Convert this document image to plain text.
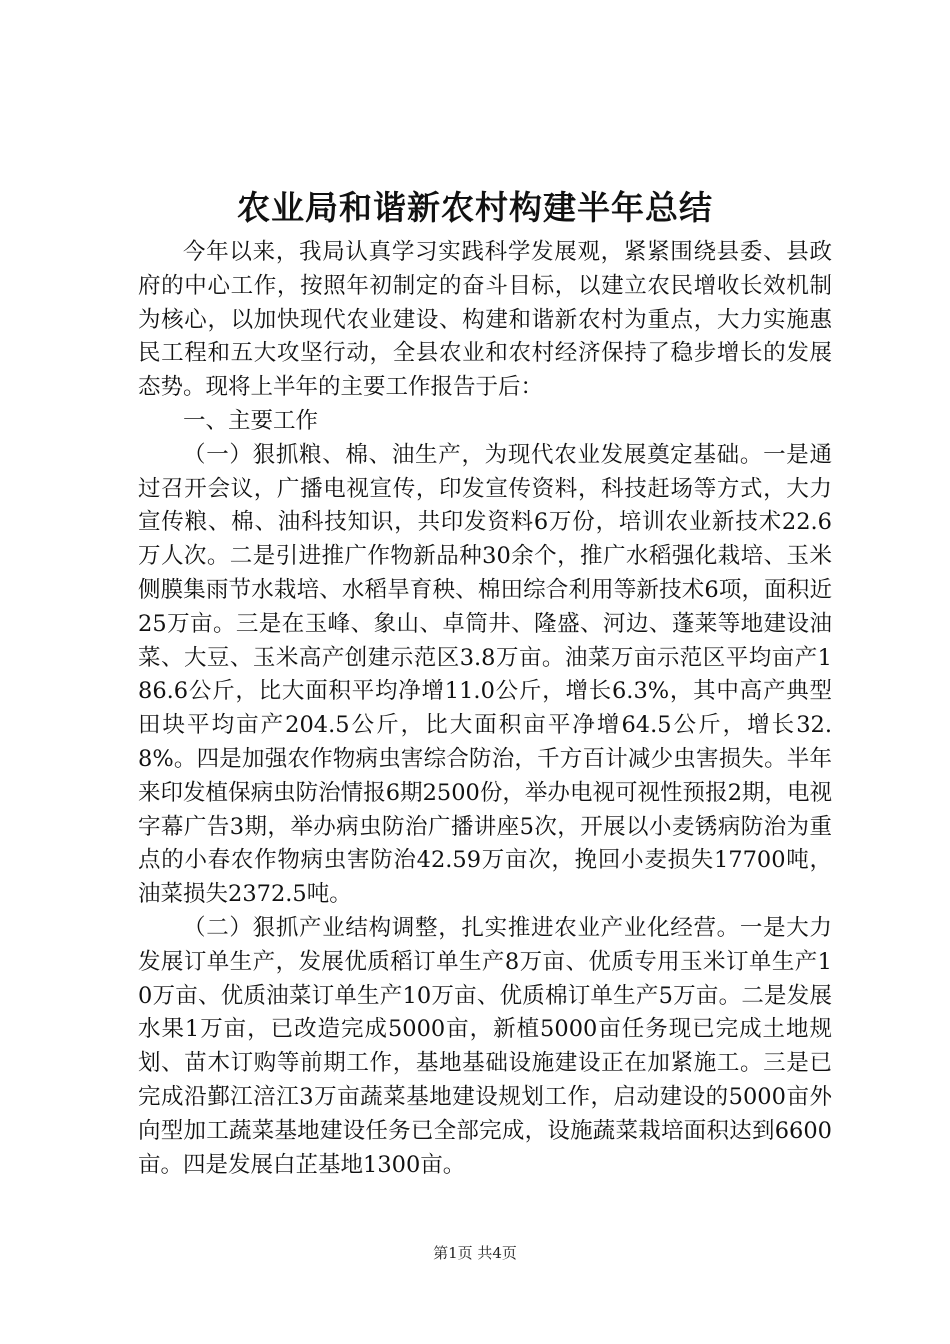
农业局和谐新农村构建半年总结

今年以来，我局认真学习实践科学发展观，紧紧围绕县委、县政府的中心工作，按照年初制定的奋斗目标，以建立农民增收长效机制为核心，以加快现代农业建设、构建和谐新农村为重点，大力实施惠民工程和五大攻坚行动，全县农业和农村经济保持了稳步增长的发展态势。现将上半年的主要工作报告于后：

一、主要工作

（一）狠抓粮、棉、油生产，为现代农业发展奠定基础。一是通过召开会议，广播电视宣传，印发宣传资料，科技赶场等方式，大力宣传粮、棉、油科技知识，共印发资料6万份，培训农业新技术22.6万人次。二是引进推广作物新品种30余个，推广水稻强化栽培、玉米侧膜集雨节水栽培、水稻旱育秧、棉田综合利用等新技术6项，面积近25万亩。三是在玉峰、象山、卓筒井、隆盛、河边、蓬莱等地建设油菜、大豆、玉米高产创建示范区3.8万亩。油菜万亩示范区平均亩产186.6公斤，比大面积平均净增11.0公斤，增长6.3%，其中高产典型田块平均亩产204.5公斤，比大面积亩平净增64.5公斤，增长32.8%。四是加强农作物病虫害综合防治，千方百计减少虫害损失。半年来印发植保病虫防治情报6期2500份，举办电视可视性预报2期，电视字幕广告3期，举办病虫防治广播讲座5次，开展以小麦锈病防治为重点的小春农作物病虫害防治42.59万亩次，挽回小麦损失17700吨，油菜损失2372.5吨。

（二）狠抓产业结构调整，扎实推进农业产业化经营。一是大力发展订单生产，发展优质稻订单生产8万亩、优质专用玉米订单生产10万亩、优质油菜订单生产10万亩、优质棉订单生产5万亩。二是发展水果1万亩，已改造完成5000亩，新植5000亩任务现已完成土地规划、苗木订购等前期工作，基地基础设施建设正在加紧施工。三是已完成沿鄞江涪江3万亩蔬菜基地建设规划工作，启动建设的5000亩外向型加工蔬菜基地建设任务已全部完成，设施蔬菜栽培面积达到6600亩。四是发展白芷基地1300亩。

第1页 共4页
